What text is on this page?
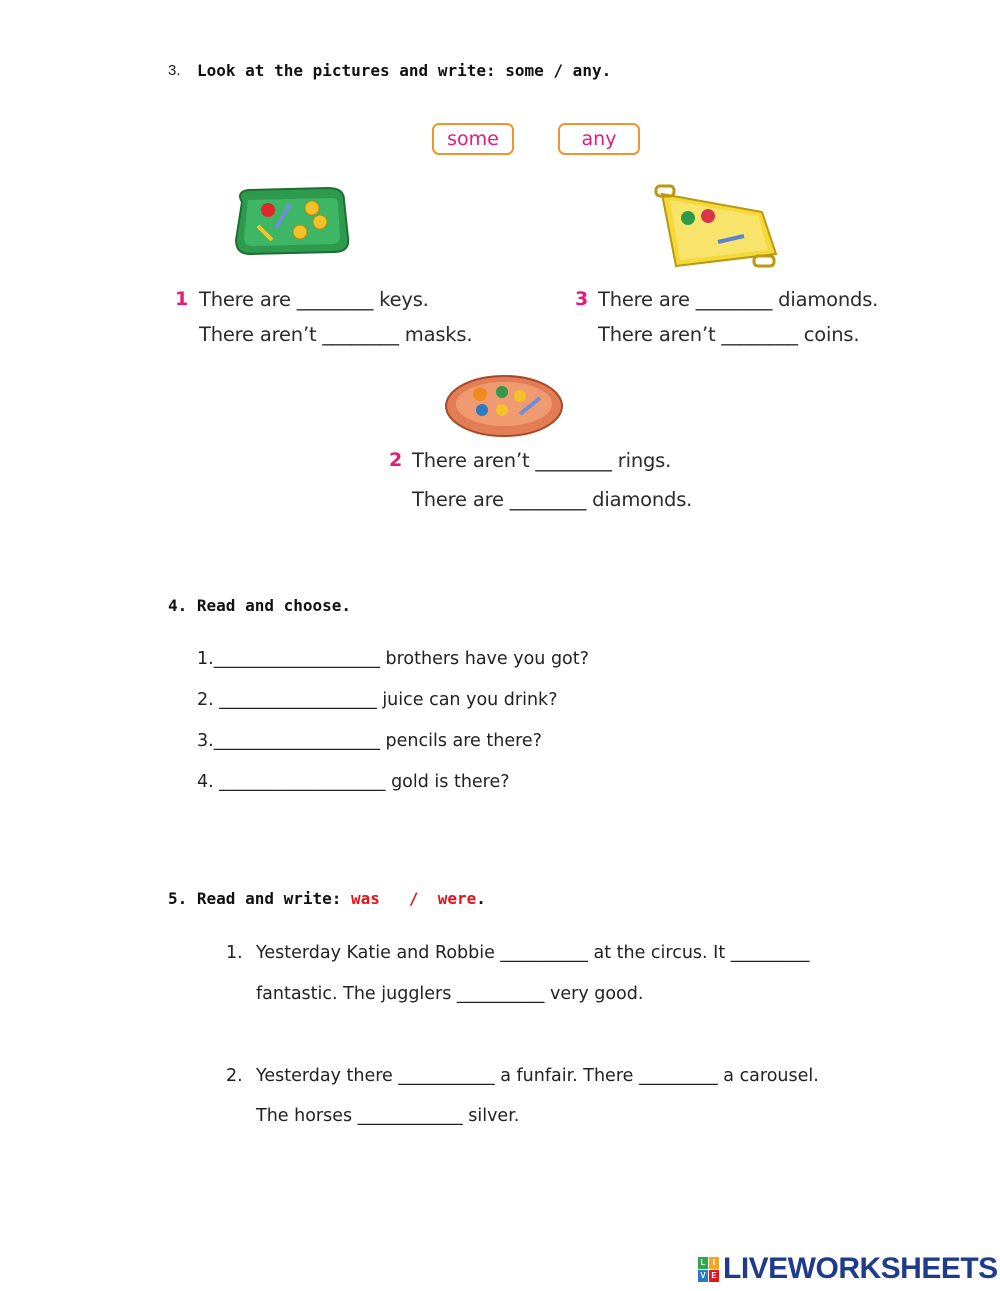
3. Look at the pictures and write: some / any.
some	any
1 There are ________ keys.
There aren’t ________ masks.
3 There are ________ diamonds.
There aren’t ________ coins.
2 There aren’t ________ rings.
There are ________ diamonds.
4. Read and choose.
1.___________________ brothers have you got?
2. __________________ juice can you drink?
3.___________________ pencils are there?
4. ___________________ gold is there?
5. Read and write: was / were.
1. Yesterday Katie and Robbie __________ at the circus. It _________
fantastic. The jugglers __________ very good.
2. Yesterday there ___________ a funfair. There _________ a carousel.
The horses ____________ silver.
L I
V E LIVEWORKSHEETS
